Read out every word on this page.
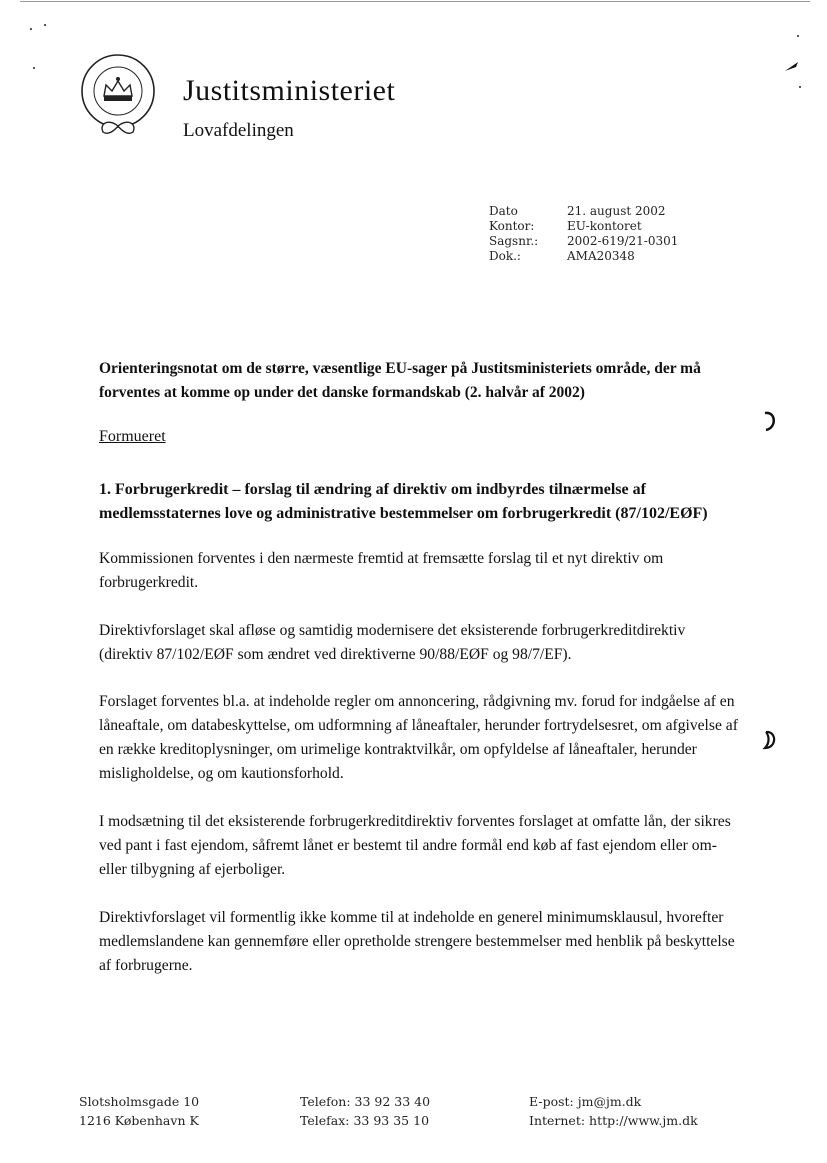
Justitsministeriet
Lovafdelingen
Dato	21. august 2002
Kontor:	EU-kontoret
Sagsnr.:	2002-619/21-0301
Dok.:	AMA20348
Orienteringsnotat om de større, væsentlige EU-sager på Justitsministeriets område, der må forventes at komme op under det danske formandskab (2. halvår af 2002)
Formueret
1. Forbrugerkredit – forslag til ændring af direktiv om indbyrdes tilnærmelse af medlemsstaternes love og administrative bestemmelser om forbrugerkredit (87/102/EØF)

Kommissionen forventes i den nærmeste fremtid at fremsætte forslag til et nyt direktiv om forbrugerkredit.

Direktivforslaget skal afløse og samtidig modernisere det eksisterende forbrugerkreditdirektiv (direktiv 87/102/EØF som ændret ved direktiverne 90/88/EØF og 98/7/EF).

Forslaget forventes bl.a. at indeholde regler om annoncering, rådgivning mv. forud for indgåelse af en låneaftale, om databeskyttelse, om udformning af låneaftaler, herunder fortrydelsesret, om afgivelse af en række kreditoplysninger, om urimelige kontraktvilkår, om opfyldelse af låneaftaler, herunder misligholdelse, og om kautionsforhold.

I modsætning til det eksisterende forbrugerkreditdirektiv forventes forslaget at omfatte lån, der sikres ved pant i fast ejendom, såfremt lånet er bestemt til andre formål end køb af fast ejendom eller om- eller tilbygning af ejerboliger.

Direktivforslaget vil formentlig ikke komme til at indeholde en generel minimumsklausul, hvorefter medlemslandene kan gennemføre eller opretholde strengere bestemmelser med henblik på beskyttelse af forbrugerne.

Slotsholmsgade 10
1216 København K
Telefon: 33 92 33 40
Telefax: 33 93 35 10
E-post: jm@jm.dk
Internet: http://www.jm.dk
